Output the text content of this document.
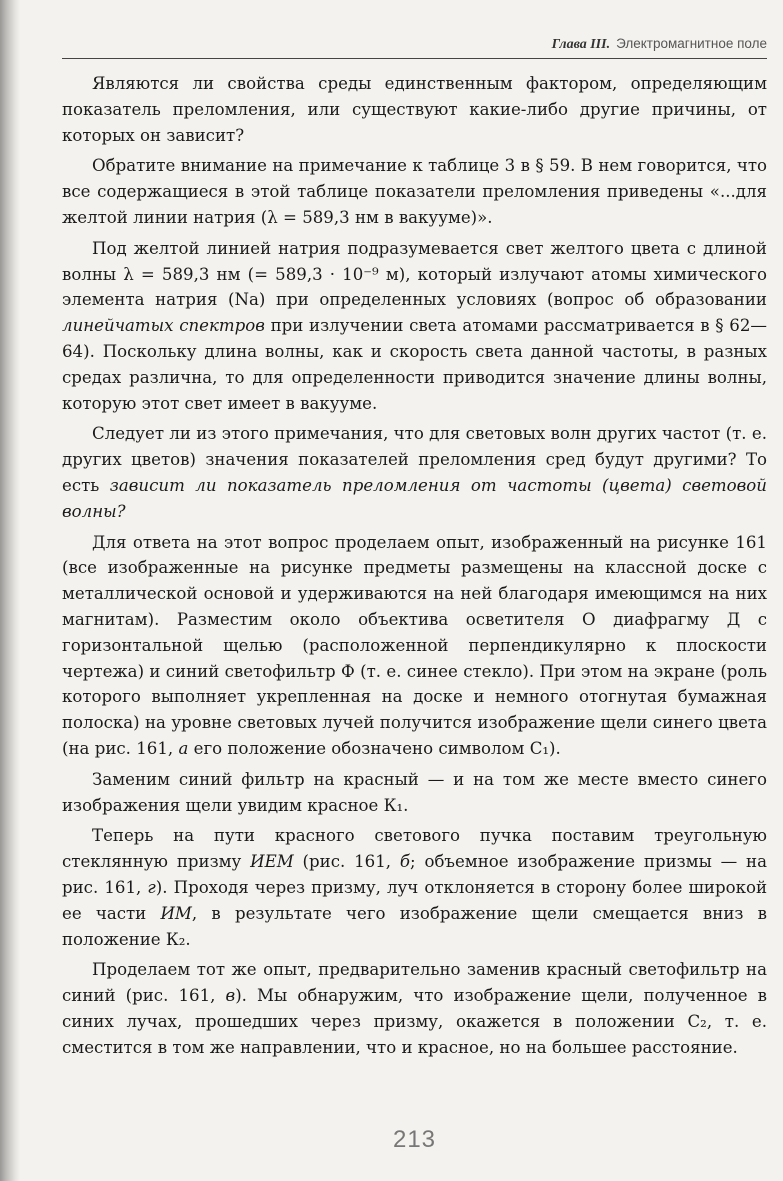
Глава III. Электромагнитное поле

Являются ли свойства среды единственным фактором, определяющим показатель преломления, или существуют какие-либо другие причины, от которых он зависит?

Обратите внимание на примечание к таблице 3 в § 59. В нем говорится, что все содержащиеся в этой таблице показатели преломления приведены «...для желтой линии натрия (λ = 589,3 нм в вакууме)».

Под желтой линией натрия подразумевается свет желтого цвета с длиной волны λ = 589,3 нм (= 589,3 · 10⁻⁹ м), который излучают атомы химического элемента натрия (Na) при определенных условиях (вопрос об образовании линейчатых спектров при излучении света атомами рассматривается в § 62—64). Поскольку длина волны, как и скорость света данной частоты, в разных средах различна, то для определенности приводится значение длины волны, которую этот свет имеет в вакууме.

Следует ли из этого примечания, что для световых волн других частот (т. е. других цветов) значения показателей преломления сред будут другими? То есть зависит ли показатель преломления от частоты (цвета) световой волны?

Для ответа на этот вопрос проделаем опыт, изображенный на рисунке 161 (все изображенные на рисунке предметы размещены на классной доске с металлической основой и удерживаются на ней благодаря имеющимся на них магнитам). Разместим около объектива осветителя О диафрагму Д с горизонтальной щелью (расположенной перпендикулярно к плоскости чертежа) и синий светофильтр Ф (т. е. синее стекло). При этом на экране (роль которого выполняет укрепленная на доске и немного отогнутая бумажная полоска) на уровне световых лучей получится изображение щели синего цвета (на рис. 161, а его положение обозначено символом С₁).

Заменим синий фильтр на красный — и на том же месте вместо синего изображения щели увидим красное К₁.

Теперь на пути красного светового пучка поставим треугольную стеклянную призму ИЕМ (рис. 161, б; объемное изображение призмы — на рис. 161, г). Проходя через призму, луч отклоняется в сторону более широкой ее части ИМ, в результате чего изображение щели смещается вниз в положение К₂.

Проделаем тот же опыт, предварительно заменив красный светофильтр на синий (рис. 161, в). Мы обнаружим, что изображение щели, полученное в синих лучах, прошедших через призму, окажется в положении С₂, т. е. сместится в том же направлении, что и красное, но на большее расстояние.

213
